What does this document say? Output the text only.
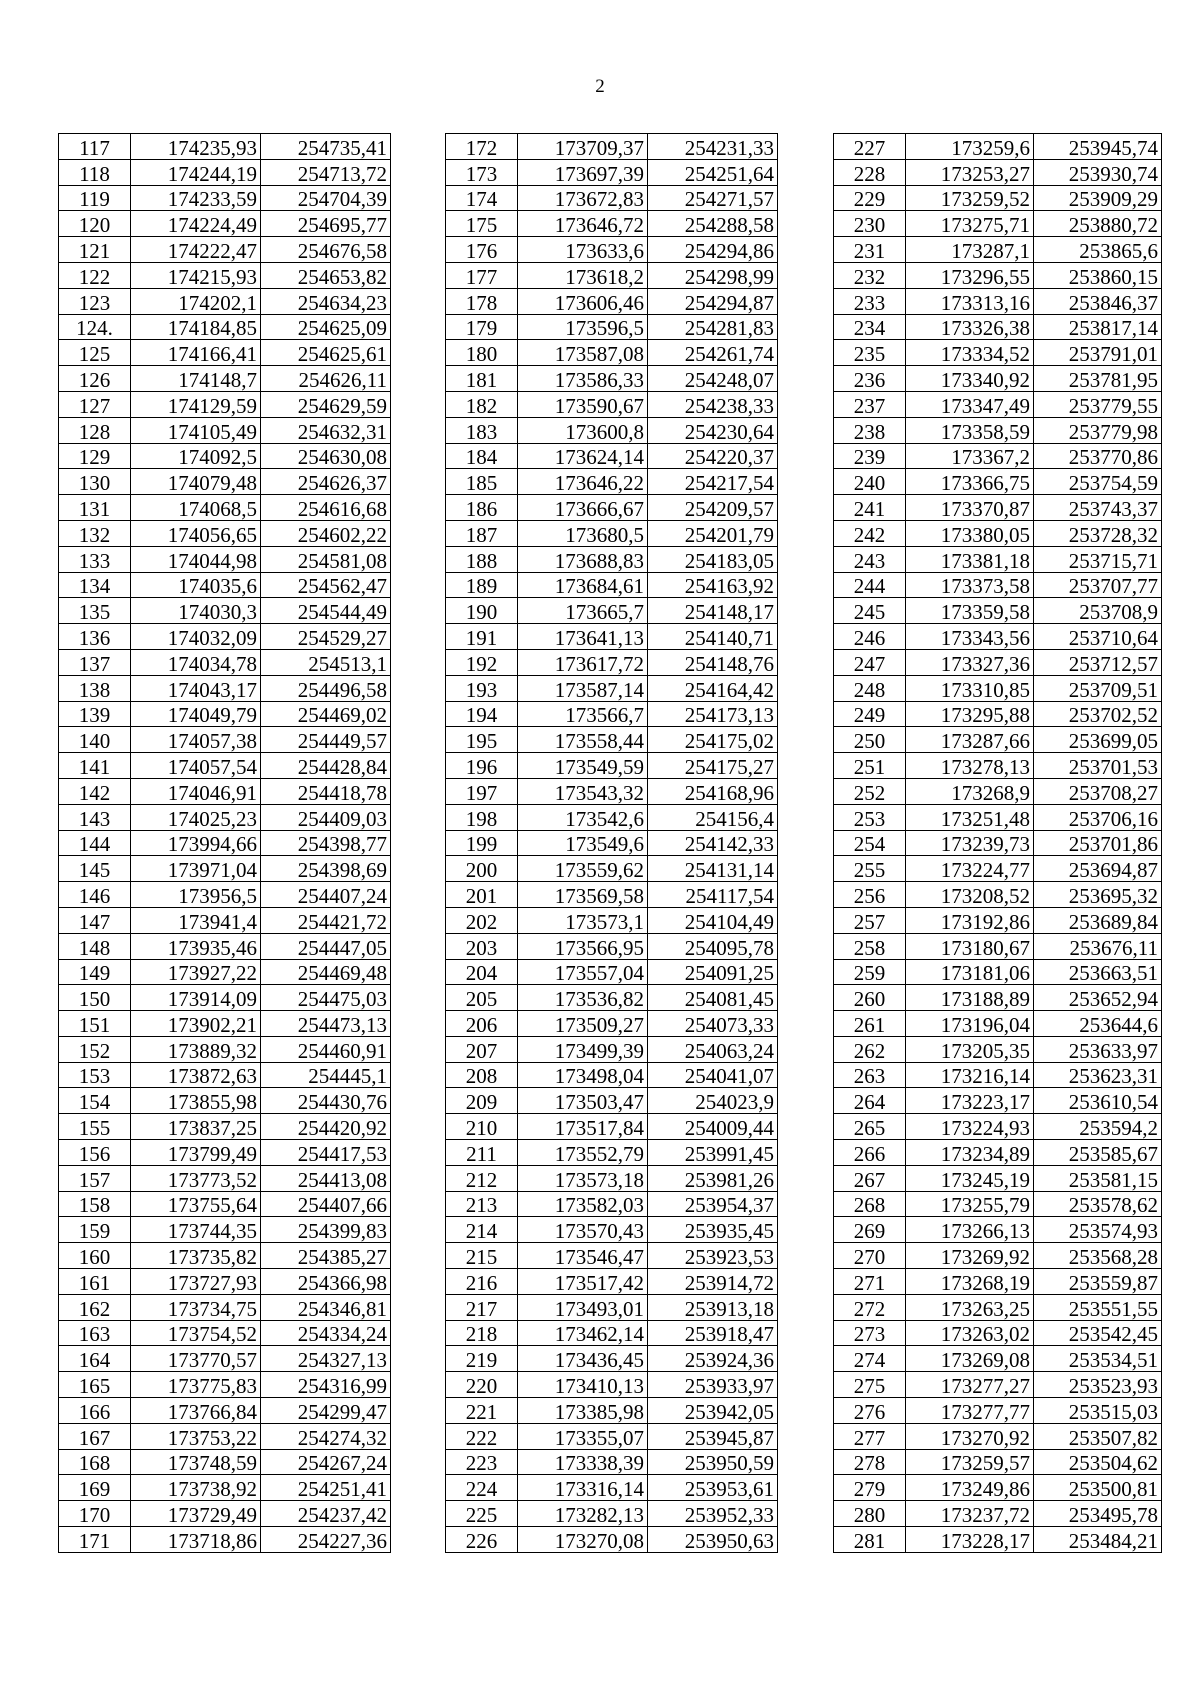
2
117	174235,93	254735,41
118	174244,19	254713,72
119	174233,59	254704,39
120	174224,49	254695,77
121	174222,47	254676,58
122	174215,93	254653,82
123	174202,1	254634,23
124.	174184,85	254625,09
125	174166,41	254625,61
126	174148,7	254626,11
127	174129,59	254629,59
128	174105,49	254632,31
129	174092,5	254630,08
130	174079,48	254626,37
131	174068,5	254616,68
132	174056,65	254602,22
133	174044,98	254581,08
134	174035,6	254562,47
135	174030,3	254544,49
136	174032,09	254529,27
137	174034,78	254513,1
138	174043,17	254496,58
139	174049,79	254469,02
140	174057,38	254449,57
141	174057,54	254428,84
142	174046,91	254418,78
143	174025,23	254409,03
144	173994,66	254398,77
145	173971,04	254398,69
146	173956,5	254407,24
147	173941,4	254421,72
148	173935,46	254447,05
149	173927,22	254469,48
150	173914,09	254475,03
151	173902,21	254473,13
152	173889,32	254460,91
153	173872,63	254445,1
154	173855,98	254430,76
155	173837,25	254420,92
156	173799,49	254417,53
157	173773,52	254413,08
158	173755,64	254407,66
159	173744,35	254399,83
160	173735,82	254385,27
161	173727,93	254366,98
162	173734,75	254346,81
163	173754,52	254334,24
164	173770,57	254327,13
165	173775,83	254316,99
166	173766,84	254299,47
167	173753,22	254274,32
168	173748,59	254267,24
169	173738,92	254251,41
170	173729,49	254237,42
171	173718,86	254227,36
172	173709,37	254231,33
173	173697,39	254251,64
174	173672,83	254271,57
175	173646,72	254288,58
176	173633,6	254294,86
177	173618,2	254298,99
178	173606,46	254294,87
179	173596,5	254281,83
180	173587,08	254261,74
181	173586,33	254248,07
182	173590,67	254238,33
183	173600,8	254230,64
184	173624,14	254220,37
185	173646,22	254217,54
186	173666,67	254209,57
187	173680,5	254201,79
188	173688,83	254183,05
189	173684,61	254163,92
190	173665,7	254148,17
191	173641,13	254140,71
192	173617,72	254148,76
193	173587,14	254164,42
194	173566,7	254173,13
195	173558,44	254175,02
196	173549,59	254175,27
197	173543,32	254168,96
198	173542,6	254156,4
199	173549,6	254142,33
200	173559,62	254131,14
201	173569,58	254117,54
202	173573,1	254104,49
203	173566,95	254095,78
204	173557,04	254091,25
205	173536,82	254081,45
206	173509,27	254073,33
207	173499,39	254063,24
208	173498,04	254041,07
209	173503,47	254023,9
210	173517,84	254009,44
211	173552,79	253991,45
212	173573,18	253981,26
213	173582,03	253954,37
214	173570,43	253935,45
215	173546,47	253923,53
216	173517,42	253914,72
217	173493,01	253913,18
218	173462,14	253918,47
219	173436,45	253924,36
220	173410,13	253933,97
221	173385,98	253942,05
222	173355,07	253945,87
223	173338,39	253950,59
224	173316,14	253953,61
225	173282,13	253952,33
226	173270,08	253950,63
227	173259,6	253945,74
228	173253,27	253930,74
229	173259,52	253909,29
230	173275,71	253880,72
231	173287,1	253865,6
232	173296,55	253860,15
233	173313,16	253846,37
234	173326,38	253817,14
235	173334,52	253791,01
236	173340,92	253781,95
237	173347,49	253779,55
238	173358,59	253779,98
239	173367,2	253770,86
240	173366,75	253754,59
241	173370,87	253743,37
242	173380,05	253728,32
243	173381,18	253715,71
244	173373,58	253707,77
245	173359,58	253708,9
246	173343,56	253710,64
247	173327,36	253712,57
248	173310,85	253709,51
249	173295,88	253702,52
250	173287,66	253699,05
251	173278,13	253701,53
252	173268,9	253708,27
253	173251,48	253706,16
254	173239,73	253701,86
255	173224,77	253694,87
256	173208,52	253695,32
257	173192,86	253689,84
258	173180,67	253676,11
259	173181,06	253663,51
260	173188,89	253652,94
261	173196,04	253644,6
262	173205,35	253633,97
263	173216,14	253623,31
264	173223,17	253610,54
265	173224,93	253594,2
266	173234,89	253585,67
267	173245,19	253581,15
268	173255,79	253578,62
269	173266,13	253574,93
270	173269,92	253568,28
271	173268,19	253559,87
272	173263,25	253551,55
273	173263,02	253542,45
274	173269,08	253534,51
275	173277,27	253523,93
276	173277,77	253515,03
277	173270,92	253507,82
278	173259,57	253504,62
279	173249,86	253500,81
280	173237,72	253495,78
281	173228,17	253484,21
